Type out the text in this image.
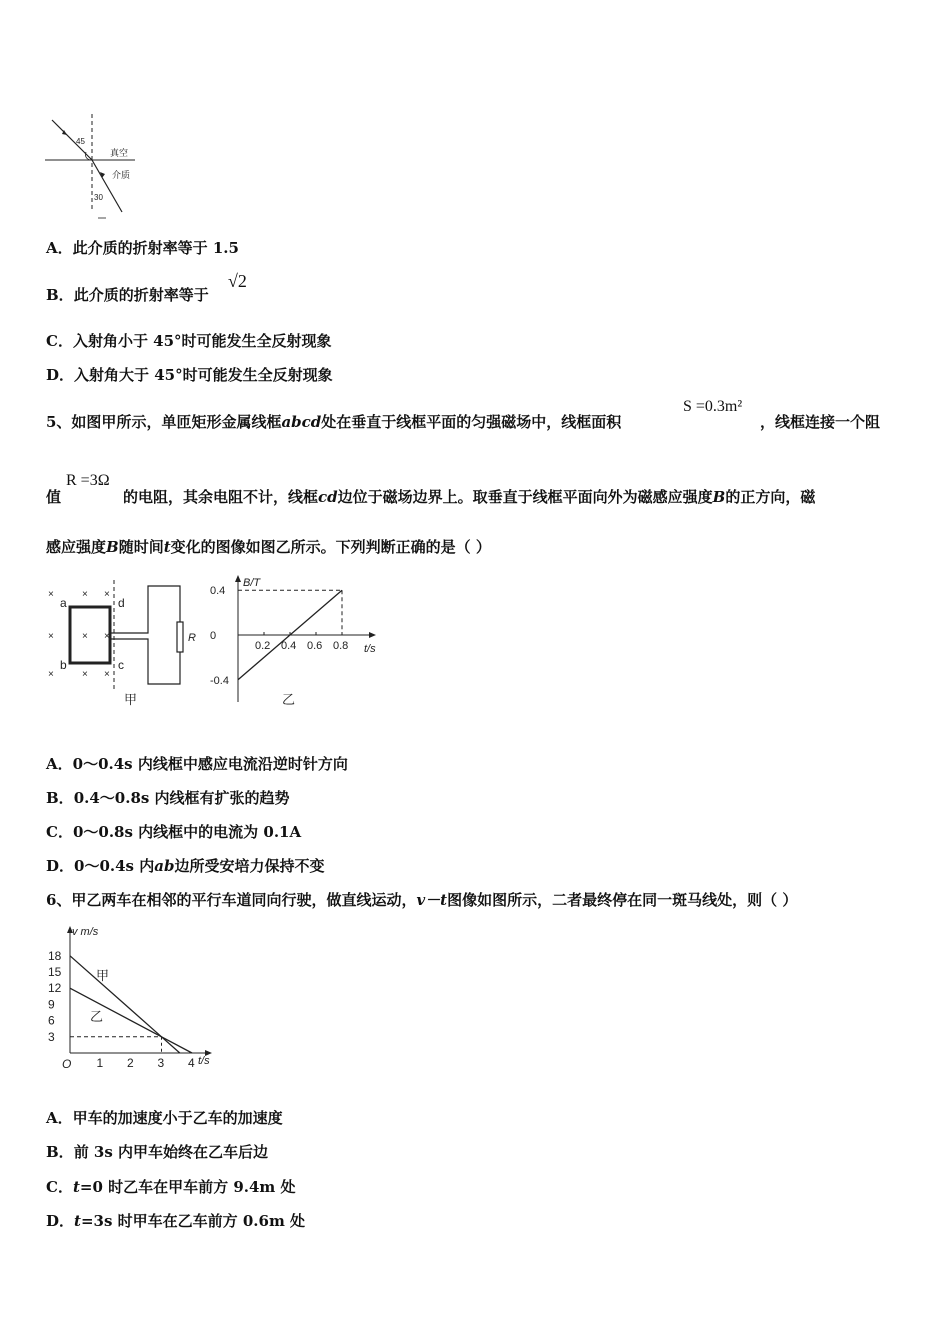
45
30
真空
介质
A．此介质的折射率等于 1.5
B．此介质的折射率等于
√2
C．入射角小于 45°时可能发生全反射现象
D．入射角大于 45°时可能发生全反射现象
5、如图甲所示，单匝矩形金属线框abcd处在垂直于线框平面的匀强磁场中，线框面积
S =0.3m²
，线框连接一个阻
值
R =3Ω
的电阻，其余电阻不计，线框cd边位于磁场边界上。取垂直于线框平面向外为磁感应强度B的正方向，磁
感应强度B随时间t变化的图像如图乙所示。下列判断正确的是（ ）
×	× ×
×	× ×
×	× ×
a	d
b	c
R
甲
B/T
t/s
乙
0.4
0
-0.4
0.2 0.4 0.6 0.8
A．0～0.4s 内线框中感应电流沿逆时针方向
B．0.4～0.8s 内线框有扩张的趋势
C．0～0.8s 内线框中的电流为 0.1A
D．0～0.4s 内ab边所受安培力保持不变
6、甲乙两车在相邻的平行车道同向行驶，做直线运动，v－t图像如图所示，二者最终停在同一斑马线处，则（ ）
v m/s
t/s
O
甲
乙
18
15
12
9
6
3
1 2 3 4
A．甲车的加速度小于乙车的加速度
B．前 3s 内甲车始终在乙车后边
C．t=0 时乙车在甲车前方 9.4m 处
D．t=3s 时甲车在乙车前方 0.6m 处
